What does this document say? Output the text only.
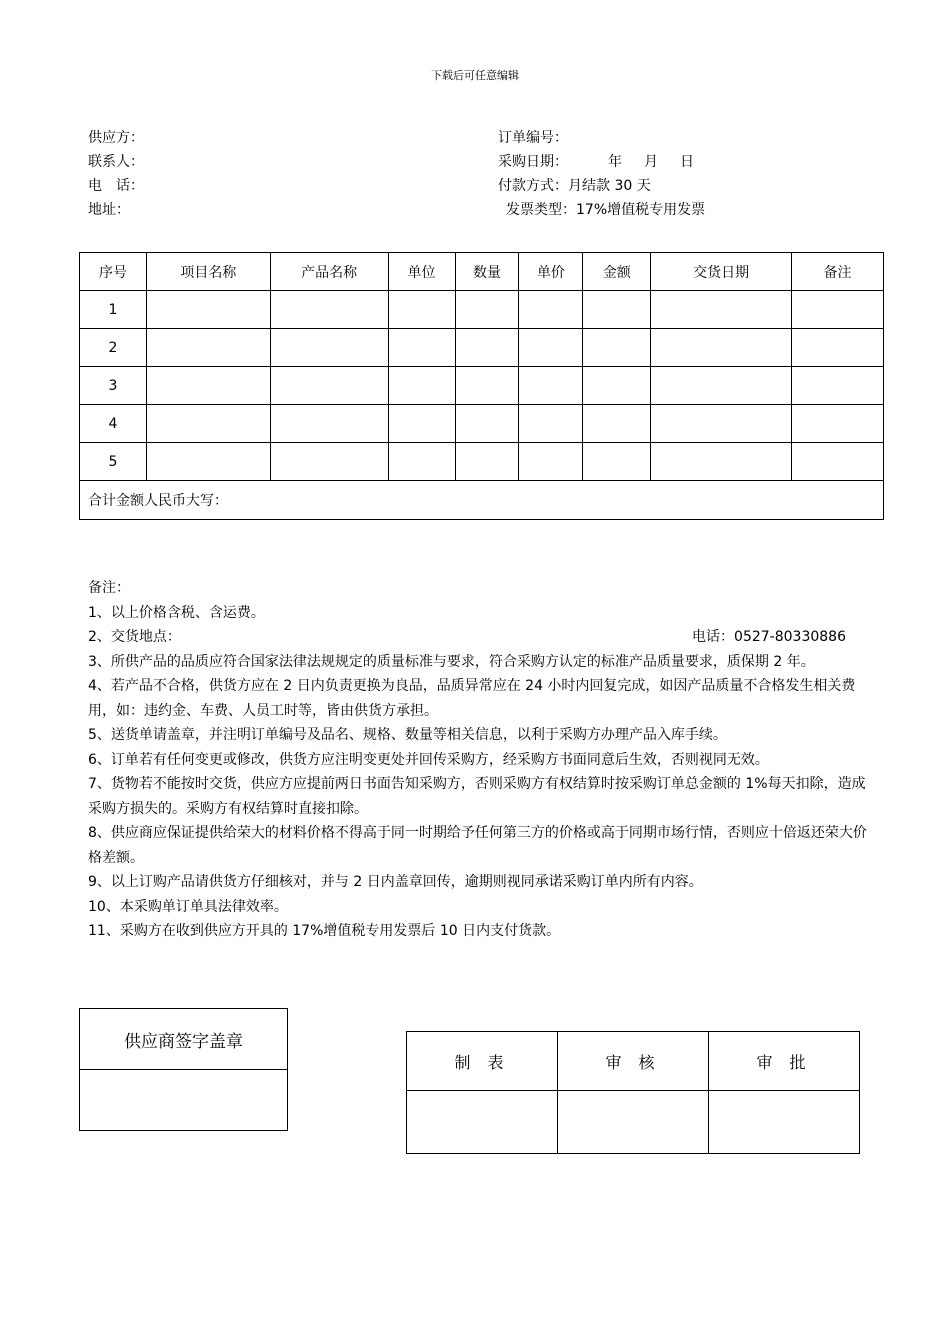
下载后可任意编辑
供应方：
联系人：
电　话：
地址：
订单编号：
采购日期：	年 月 日
付款方式：月结款 30 天
发票类型：17%增值税专用发票
序号	项目名称	产品名称	单位	数量	单价	金额	交货日期	备注
1								
2								
3								
4								
5								
合计金额人民币大写：								

备注：

1、以上价格含税、含运费。

2、交货地点：	电话：0527-80330886

3、所供产品的品质应符合国家法律法规规定的质量标准与要求，符合采购方认定的标准产品质量要求，质保期 2 年。

4、若产品不合格，供货方应在 2 日内负责更换为良品，品质异常应在 24 小时内回复完成，如因产品质量不合格发生相关费用，如：违约金、车费、人员工时等，皆由供货方承担。

5、送货单请盖章，并注明订单编号及品名、规格、数量等相关信息，以利于采购方办理产品入库手续。

6、订单若有任何变更或修改，供货方应注明变更处并回传采购方，经采购方书面同意后生效，否则视同无效。

7、货物若不能按时交货，供应方应提前两日书面告知采购方，否则采购方有权结算时按采购订单总金额的 1%每天扣除，造成采购方损失的。采购方有权结算时直接扣除。

8、供应商应保证提供给荣大的材料价格不得高于同一时期给予任何第三方的价格或高于同期市场行情，否则应十倍返还荣大价格差额。

9、以上订购产品请供货方仔细核对，并与 2 日内盖章回传，逾期则视同承诺采购订单内所有内容。

10、本采购单订单具法律效率。

11、采购方在收到供应方开具的 17%增值税专用发票后 10 日内支付货款。

供应商签字盖章

制 表	审 核	审 批
